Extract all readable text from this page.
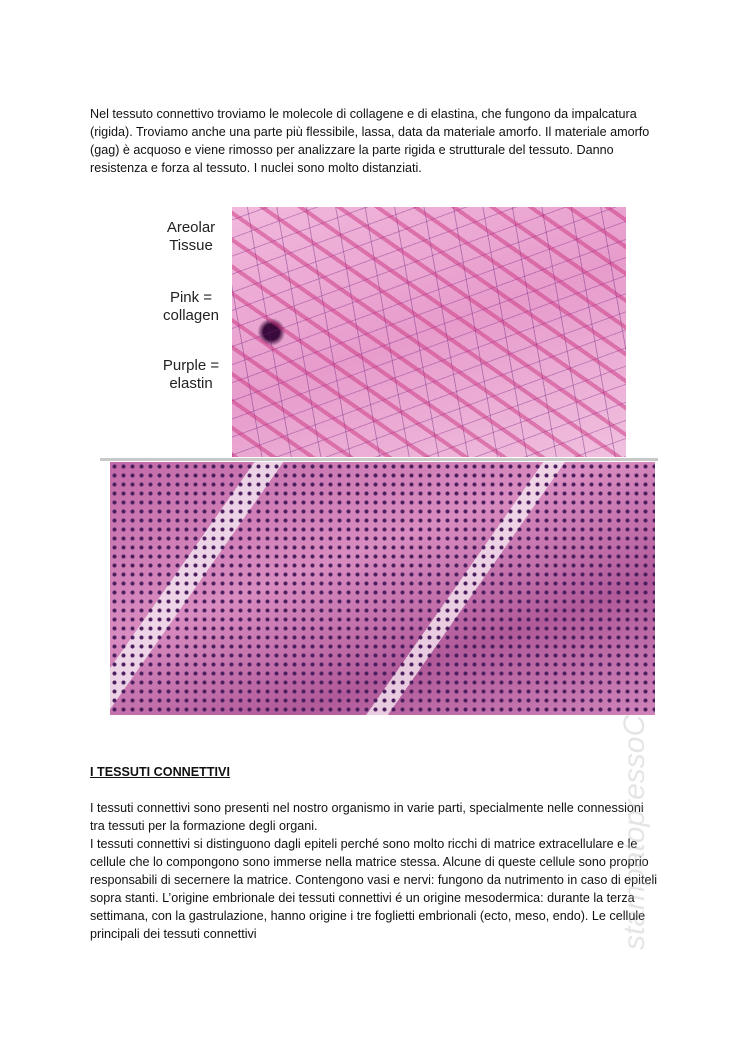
Nel tessuto connettivo troviamo le molecole di collagene e di elastina, che fungono da impalcatura (rigida). Troviamo anche una parte più flessibile, lassa, data da materiale amorfo. Il materiale amorfo (gag) è acquoso e viene rimosso per analizzare la parte rigida e strutturale del tessuto. Danno resistenza e forza al tessuto. I nuclei sono molto distanziati.

Areolar Tissue
Pink = collagen
Purple = elastin

I TESSUTI CONNETTIVI

I tessuti connettivi sono presenti nel nostro organismo in varie parti, specialmente nelle connessioni tra tessuti per la formazione degli organi.
I tessuti connettivi si distinguono dagli epiteli perché sono molto ricchi di matrice extracellulare e le cellule che lo compongono sono immerse nella matrice stessa. Alcune di queste cellule sono proprio responsabili di secernere la matrice. Contengono vasi e nervi: fungono da nutrimento in caso di epiteli sopra stanti. L’origine embrionale dei tessuti connettivi é un origine mesodermica: durante la terza settimana, con la gastrulazione, hanno origine i tre foglietti embrionali (ecto, meso, endo). Le cellule principali dei tessuti connettivi	stampatopressoC
